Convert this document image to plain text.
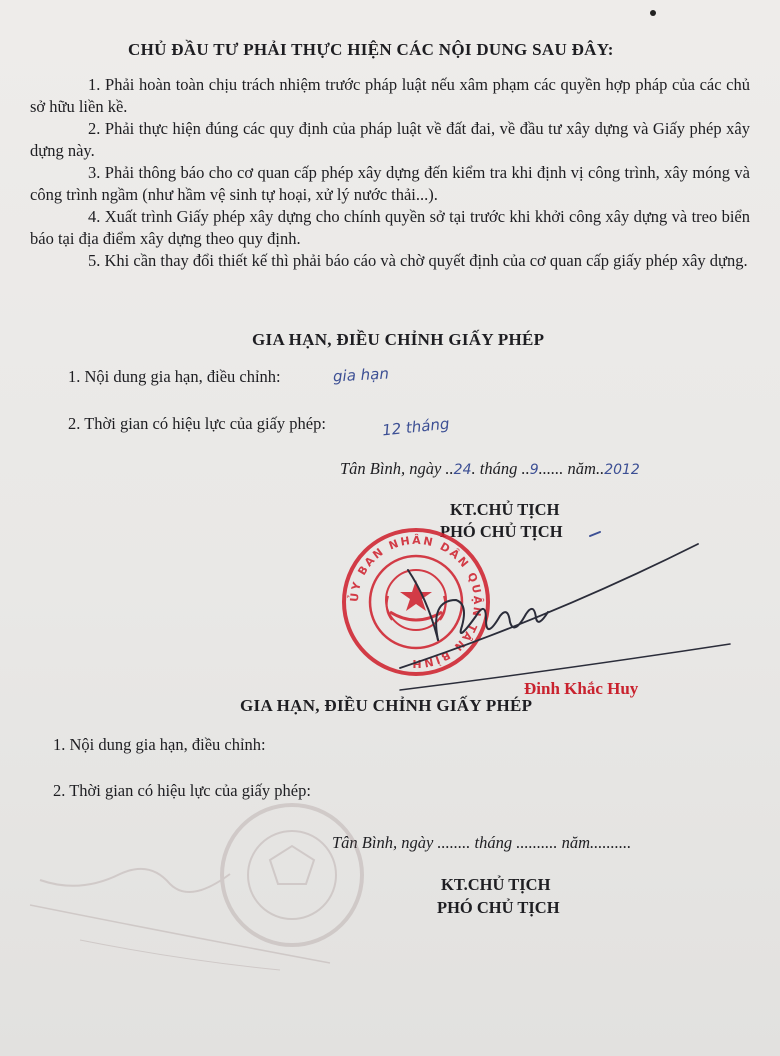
CHỦ ĐẦU TƯ PHẢI THỰC HIỆN CÁC NỘI DUNG SAU ĐÂY:
1. Phải hoàn toàn chịu trách nhiệm trước pháp luật nếu xâm phạm các quyền hợp pháp của các chủ sở hữu liền kề.
2. Phải thực hiện đúng các quy định của pháp luật về đất đai, về đầu tư xây dựng và Giấy phép xây dựng này.
3. Phải thông báo cho cơ quan cấp phép xây dựng đến kiểm tra khi định vị công trình, xây móng và công trình ngầm (như hầm vệ sinh tự hoại, xử lý nước thải...).
4. Xuất trình Giấy phép xây dựng cho chính quyền sở tại trước khi khởi công xây dựng và treo biển báo tại địa điểm xây dựng theo quy định.
5. Khi cần thay đổi thiết kế thì phải báo cáo và chờ quyết định của cơ quan cấp giấy phép xây dựng.
GIA HẠN, ĐIỀU CHỈNH GIẤY PHÉP
1. Nội dung gia hạn, điều chỉnh:	gia hạn
2. Thời gian có hiệu lực của giấy phép:	12 tháng
Tân Bình, ngày ..24. tháng ..9...... năm..2012
KT.CHỦ TỊCH
PHÓ CHỦ TỊCH
ỦY BAN NHÂN DÂN QUẬN TÂN BÌNH
Đinh Khắc Huy
GIA HẠN, ĐIỀU CHỈNH GIẤY PHÉP
1. Nội dung gia hạn, điều chỉnh:
2. Thời gian có hiệu lực của giấy phép:
Tân Bình, ngày ........ tháng .......... năm..........
KT.CHỦ TỊCH
PHÓ CHỦ TỊCH
